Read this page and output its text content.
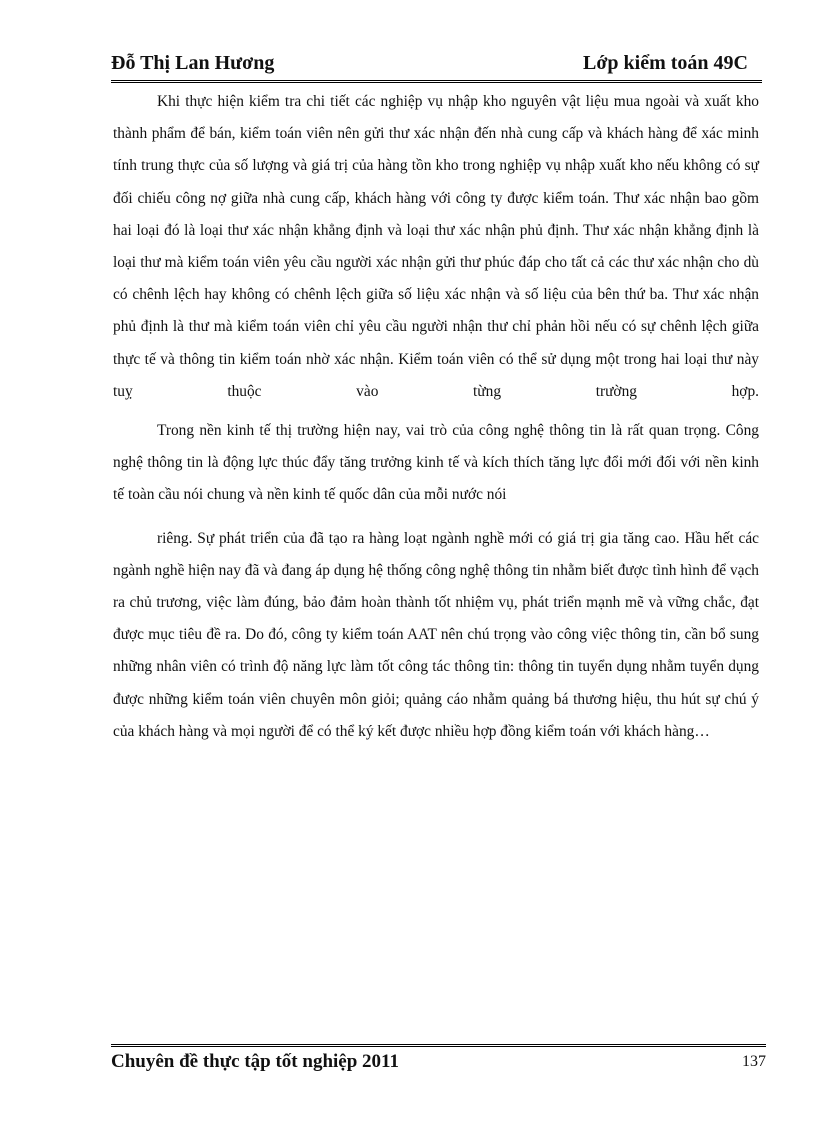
Đỗ Thị Lan Hương	Lớp kiểm toán 49C

Khi thực hiện kiểm tra chi tiết các nghiệp vụ nhập kho nguyên vật liệu mua ngoài và xuất kho thành phẩm để bán, kiểm toán viên nên gửi thư xác nhận đến nhà cung cấp và khách hàng để xác minh tính trung thực của số lượng và giá trị của hàng tồn kho trong nghiệp vụ nhập xuất kho nếu không có sự đối chiếu công nợ giữa nhà cung cấp, khách hàng với công ty được kiểm toán. Thư xác nhận bao gồm hai loại đó là loại thư xác nhận khẳng định và loại thư xác nhận phủ định. Thư xác nhận khẳng định là loại thư mà kiểm toán viên yêu cầu người xác nhận gửi thư phúc đáp cho tất cả các thư xác nhận cho dù có chênh lệch hay không có chênh lệch giữa số liệu xác nhận và số liệu của bên thứ ba. Thư xác nhận phủ định là thư mà kiểm toán viên chỉ yêu cầu người nhận thư chỉ phản hồi nếu có sự chênh lệch giữa thực tế và thông tin kiểm toán nhờ xác nhận. Kiểm toán viên có thể sử dụng một trong hai loại thư này tuỵ thuộc vào từng trường hợp.

Trong nền kinh tế thị trường hiện nay, vai trò của công nghệ thông tin là rất quan trọng. Công nghệ thông tin là động lực thúc đẩy tăng trưởng kinh tế và kích thích tăng lực đổi mới đối với nền kinh tế toàn cầu nói chung và nền kinh tế quốc dân của mỗi nước nói

riêng. Sự phát triển của đã tạo ra hàng loạt ngành nghề mới có giá trị gia tăng cao. Hầu hết các ngành nghề hiện nay đã và đang áp dụng hệ thống công nghệ thông tin nhằm biết được tình hình để vạch ra chủ trương, việc làm đúng, bảo đảm hoàn thành tốt nhiệm vụ, phát triển mạnh mẽ và vững chắc, đạt được mục tiêu đề ra. Do đó, công ty kiểm toán AAT nên chú trọng vào công việc thông tin, cần bổ sung những nhân viên có trình độ năng lực làm tốt công tác thông tin: thông tin tuyển dụng nhằm tuyển dụng được những kiểm toán viên chuyên môn giỏi; quảng cáo nhằm quảng bá thương hiệu, thu hút sự chú ý của khách hàng và mọi người để có thể ký kết được nhiều hợp đồng kiểm toán với khách hàng…

Chuyên đề thực tập tốt nghiệp 2011	137
